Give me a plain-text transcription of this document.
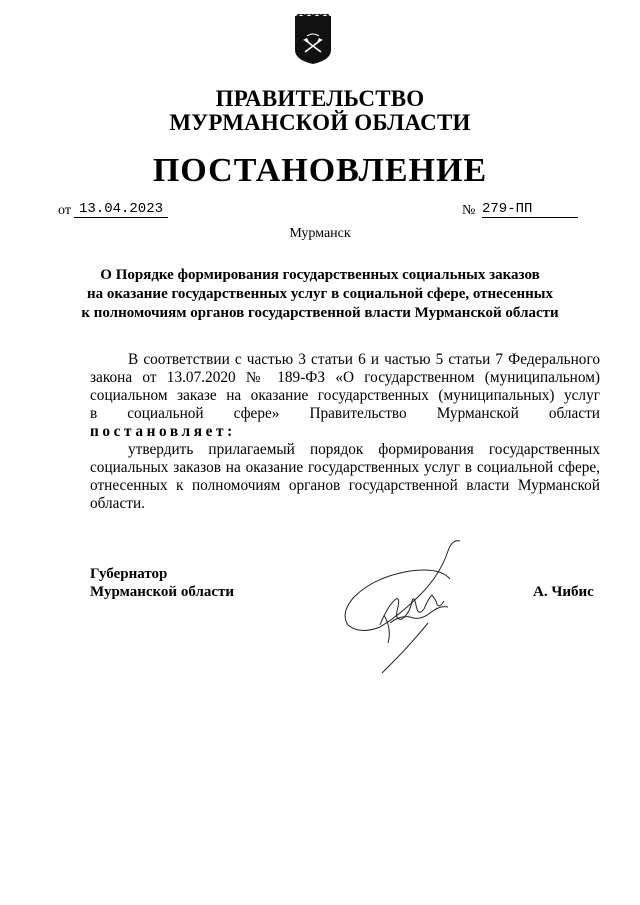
ПРАВИТЕЛЬСТВО
МУРМАНСКОЙ ОБЛАСТИ
ПОСТАНОВЛЕНИЕ
от 13.04.2023	№ 279-ПП
Мурманск
О Порядке формирования государственных социальных заказов
на оказание государственных услуг в социальной сфере, отнесенных
к полномочиям органов государственной власти Мурманской области
В соответствии с частью 3 статьи 6 и частью 5 статьи 7 Федерального
закона от 13.07.2020 № 189-ФЗ «О государственном (муниципальном)
социальном заказе на оказание государственных (муниципальных) услуг
в социальной сфере» Правительство Мурманской области
постановляет:
утвердить прилагаемый порядок формирования государственных
социальных заказов на оказание государственных услуг в социальной сфере,
отнесенных к полномочиям органов государственной власти Мурманской
области.
Губернатор
Мурманской области	А. Чибис
